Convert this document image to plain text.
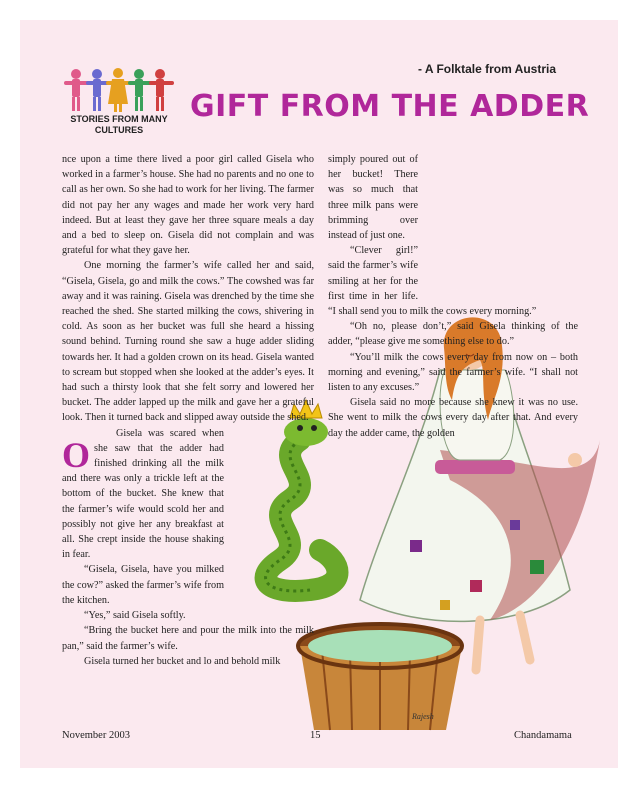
- A Folktale from Austria
STORIES FROM MANY
CULTURES
GIFT FROM THE ADDER

O
nce upon a time there lived a poor girl called Gisela who worked in a farmer’s house. She had no parents and no one to call as her own. So she had to work for her living. The farmer did not pay her any wages and made her work very hard indeed. But at least they gave her three square meals a day and a bed to sleep on. Gisela did not complain and was grateful for what they gave her.

One morning the farmer’s wife called her and said, “Gisela, Gisela, go and milk the cows.” The cowshed was far away and it was raining. Gisela was drenched by the time she reached the shed. She started milking the cows, shivering in cold. As soon as her bucket was full she heard a hissing sound behind. Turning round she saw a huge adder sliding towards her. It had a golden crown on its head. Gisela wanted to scream but stopped when she looked at the adder’s eyes. It had such a thirsty look that she felt sorry and lowered her bucket. The adder lapped up the milk and gave her a grateful look. Then it turned back and slipped away outside the shed.

Gisela was scared when she saw that the adder had finished drinking all the milk and there was only a trickle left at the bottom of the bucket. She knew that the farmer’s wife would scold her and possibly not give her any breakfast at all. She crept inside the house shaking in fear.

“Gisela, Gisela, have you milked the cow?” asked the farmer’s wife from the kitchen.

“Yes,” said Gisela softly.

“Bring the bucket here and pour the milk into the milk pan,” said the farmer’s wife.

Gisela turned her bucket and lo and behold milk

simply poured out of her bucket! There was so much that three milk pans were brimming over instead of just one.

“Clever girl!” said the farmer’s wife smiling at her for the first time in her life. “I shall send you to milk the cows every morning.”

“Oh no, please don’t,” said Gisela thinking of the adder, “please give me something else to do.”

“You’ll milk the cows every day from now on – both morning and evening,” said the farmer’s wife. “I shall not listen to any excuses.”

Gisela said no more because she knew it was no use. She went to milk the cows every day after that. And every day the adder came, the golden

Rajesh
November 2003	15	Chandamama
